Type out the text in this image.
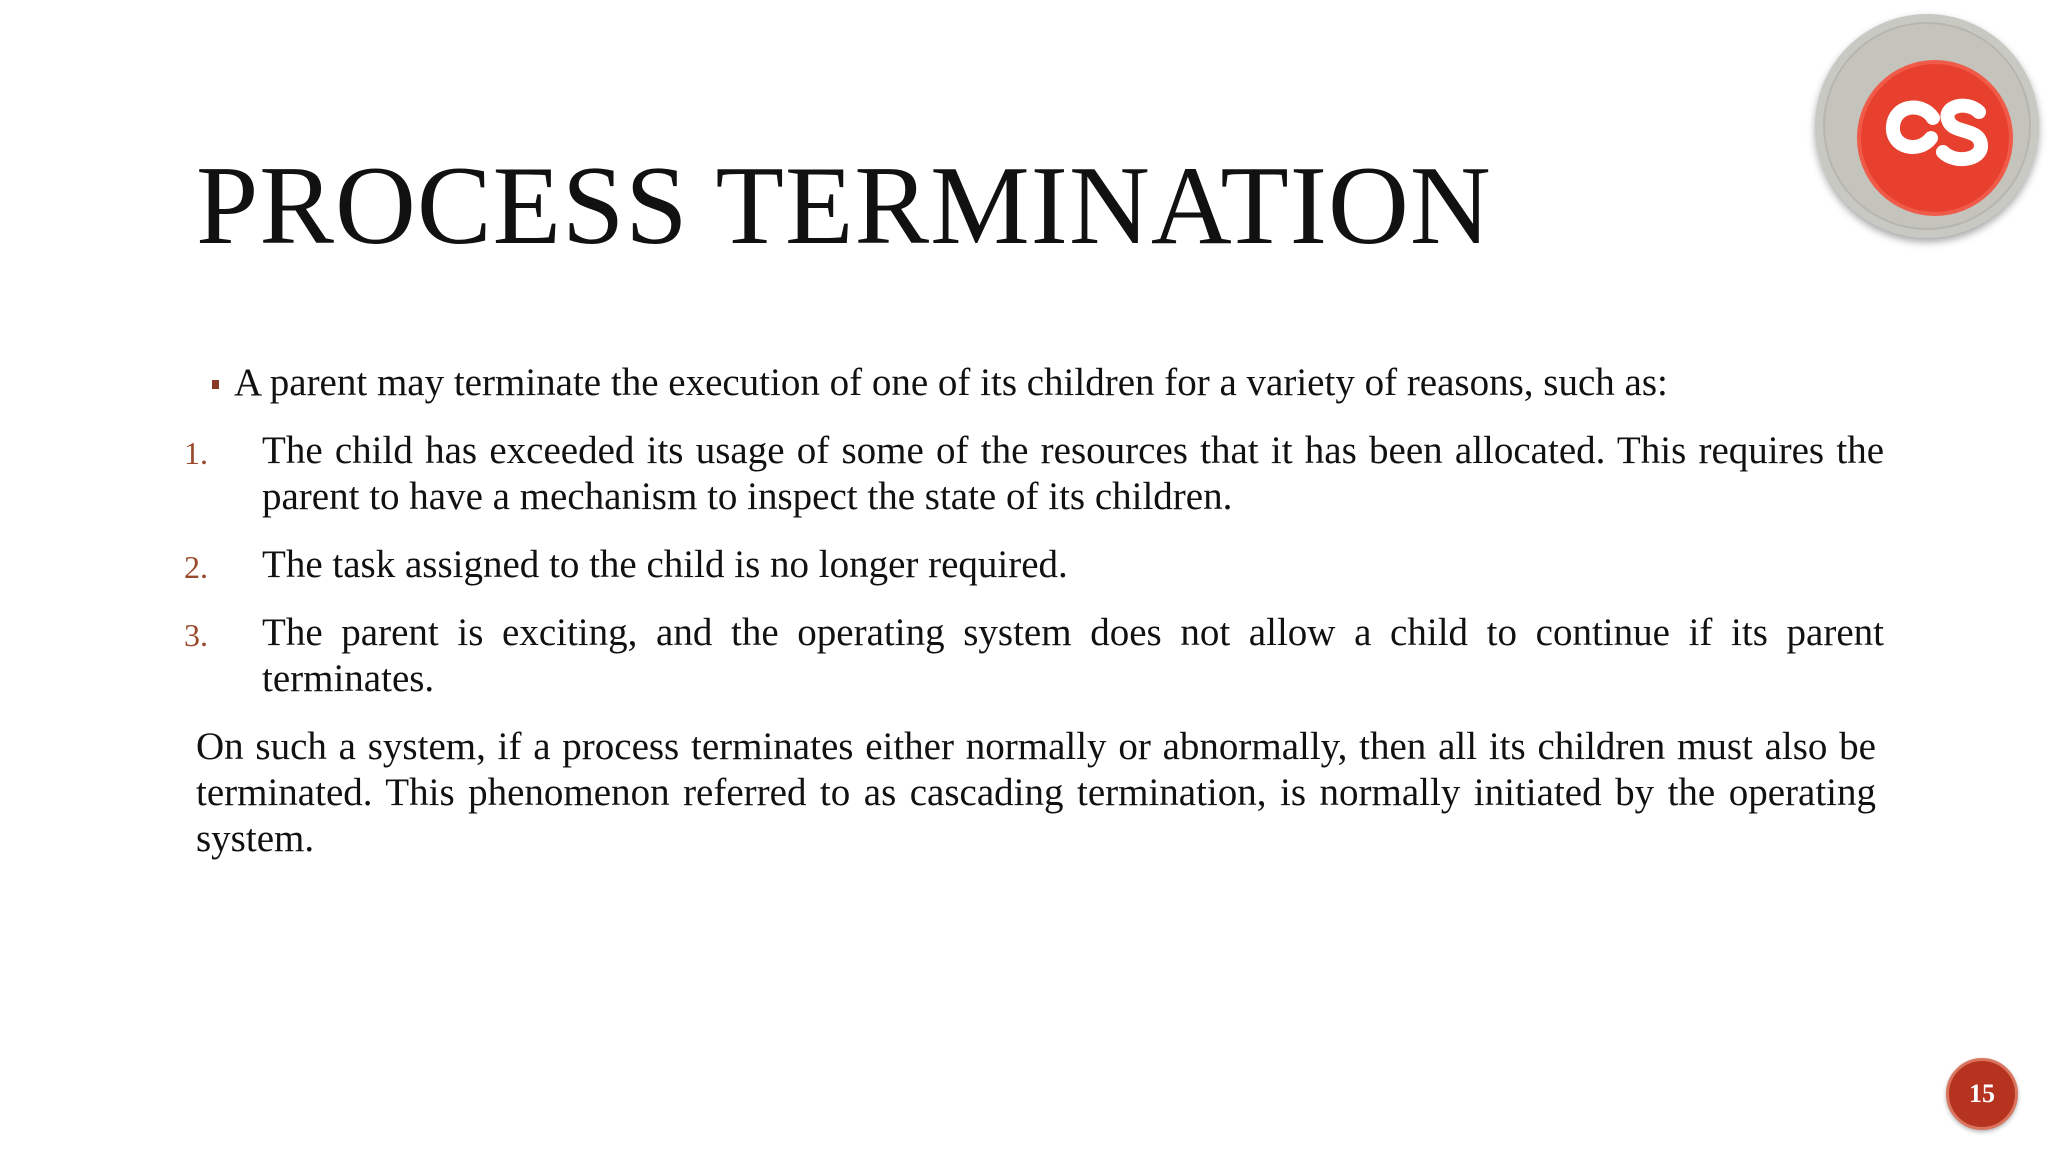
PROCESS TERMINATION

A parent may terminate the execution of one of its children for a variety of reasons, such as:

1. The child has exceeded its usage of some of the resources that it has been allocated. This requires the parent to have a mechanism to inspect the state of its children.
2. The task assigned to the child is no longer required.
3. The parent is exciting, and the operating system does not allow a child to continue if its parent terminates.

On such a system, if a process terminates either normally or abnormally, then all its children must also be terminated. This phenomenon referred to as cascading termination, is normally initiated by the operating system.

15
